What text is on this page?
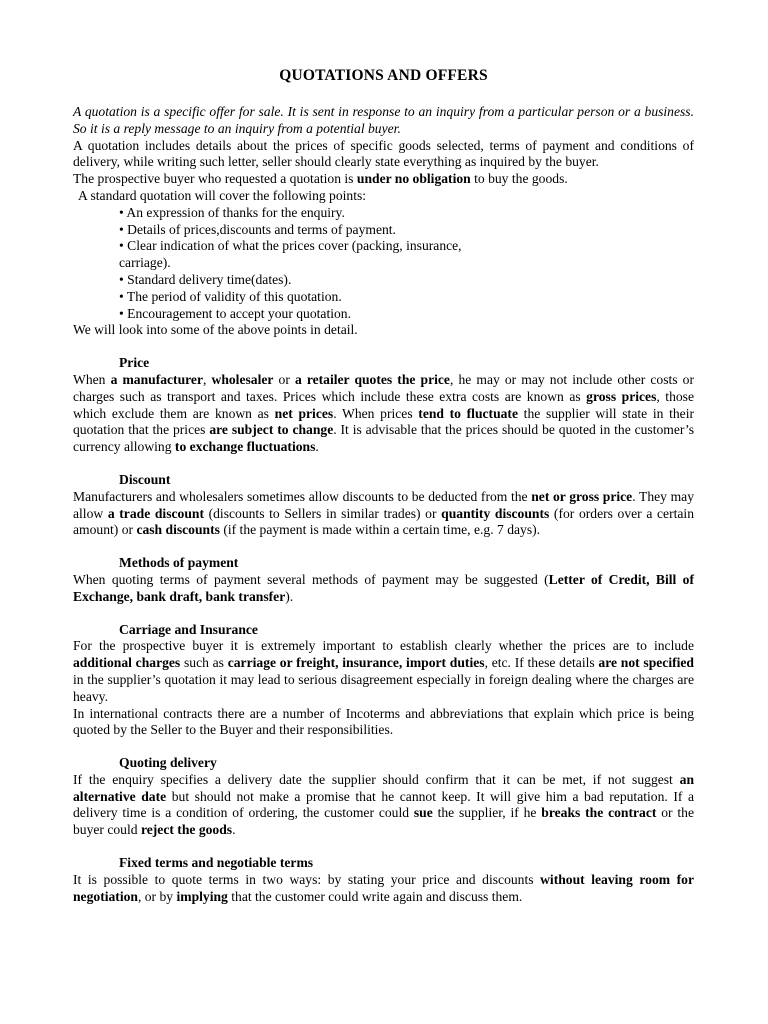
QUOTATIONS AND OFFERS

A quotation is a specific offer for sale. It is sent in response to an inquiry from a particular person or a business. So it is a reply message to an inquiry from a potential buyer.

A quotation includes details about the prices of specific goods selected, terms of payment and conditions of delivery, while writing such letter, seller should clearly state everything as inquired by the buyer.

The prospective buyer who requested a quotation is under no obligation to buy the goods.

A standard quotation will cover the following points:

• An expression of thanks for the enquiry.
• Details of prices,discounts and terms of payment.
• Clear indication of what the prices cover (packing, insurance,
carriage).
• Standard delivery time(dates).
• The period of validity of this quotation.
• Encouragement to accept your quotation.

We will look into some of the above points in detail.

Price

When a manufacturer, wholesaler or a retailer quotes the price, he may or may not include other costs or charges such as transport and taxes. Prices which include these extra costs are known as gross prices, those which exclude them are known as net prices. When prices tend to fluctuate the supplier will state in their quotation that the prices are subject to change. It is advisable that the prices should be quoted in the customer’s currency allowing to exchange fluctuations.

Discount

Manufacturers and wholesalers sometimes allow discounts to be deducted from the net or gross price. They may allow a trade discount (discounts to Sellers in similar trades) or quantity discounts (for orders over a certain amount) or cash discounts (if the payment is made within a certain time, e.g. 7 days).

Methods of payment

When quoting terms of payment several methods of payment may be suggested (Letter of Credit, Bill of Exchange, bank draft, bank transfer).

Carriage and Insurance

For the prospective buyer it is extremely important to establish clearly whether the prices are to include additional charges such as carriage or freight, insurance, import duties, etc. If these details are not specified in the supplier’s quotation it may lead to serious disagreement especially in foreign dealing where the charges are heavy.

In international contracts there are a number of Incoterms and abbreviations that explain which price is being quoted by the Seller to the Buyer and their responsibilities.

Quoting delivery

If the enquiry specifies a delivery date the supplier should confirm that it can be met, if not suggest an alternative date but should not make a promise that he cannot keep. It will give him a bad reputation. If a delivery time is a condition of ordering, the customer could sue the supplier, if he breaks the contract or the buyer could reject the goods.

Fixed terms and negotiable terms

It is possible to quote terms in two ways: by stating your price and discounts without leaving room for negotiation, or by implying that the customer could write again and discuss them.
